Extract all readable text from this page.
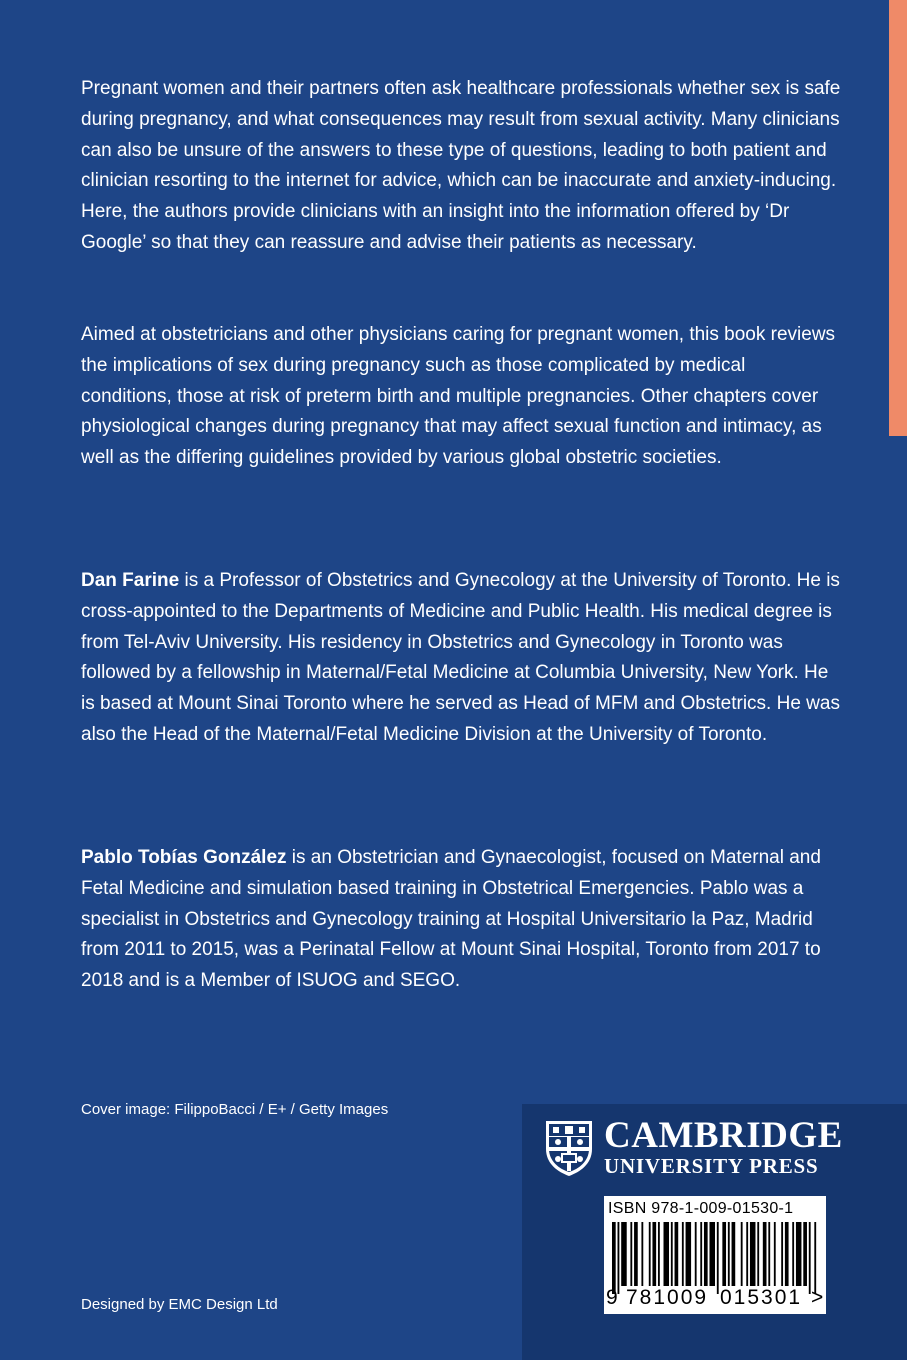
Pregnant women and their partners often ask healthcare professionals whether sex is safe during pregnancy, and what consequences may result from sexual activity. Many clinicians can also be unsure of the answers to these type of questions, leading to both patient and clinician resorting to the internet for advice, which can be inaccurate and anxiety-inducing. Here, the authors provide clinicians with an insight into the information offered by ‘Dr Google’ so that they can reassure and advise their patients as necessary.

Aimed at obstetricians and other physicians caring for pregnant women, this book reviews the implications of sex during pregnancy such as those complicated by medical conditions, those at risk of preterm birth and multiple pregnancies. Other chapters cover physiological changes during pregnancy that may affect sexual function and intimacy, as well as the differing guidelines provided by various global obstetric societies.

Dan Farine is a Professor of Obstetrics and Gynecology at the University of Toronto. He is cross-appointed to the Departments of Medicine and Public Health. His medical degree is from Tel-Aviv University. His residency in Obstetrics and Gynecology in Toronto was followed by a fellowship in Maternal/Fetal Medicine at Columbia University, New York. He is based at Mount Sinai Toronto where he served as Head of MFM and Obstetrics. He was also the Head of the Maternal/Fetal Medicine Division at the University of Toronto.

Pablo Tobías González is an Obstetrician and Gynaecologist, focused on Maternal and Fetal Medicine and simulation based training in Obstetrical Emergencies. Pablo was a specialist in Obstetrics and Gynecology training at Hospital Universitario la Paz, Madrid from 2011 to 2015, was a Perinatal Fellow at Mount Sinai Hospital, Toronto from 2017 to 2018 and is a Member of ISUOG and SEGO.

Cover image: FilippoBacci / E+ / Getty Images
Designed by EMC Design Ltd
CAMBRIDGE
UNIVERSITY PRESS
ISBN 978-1-009-01530-1
9 781009 015301 >
